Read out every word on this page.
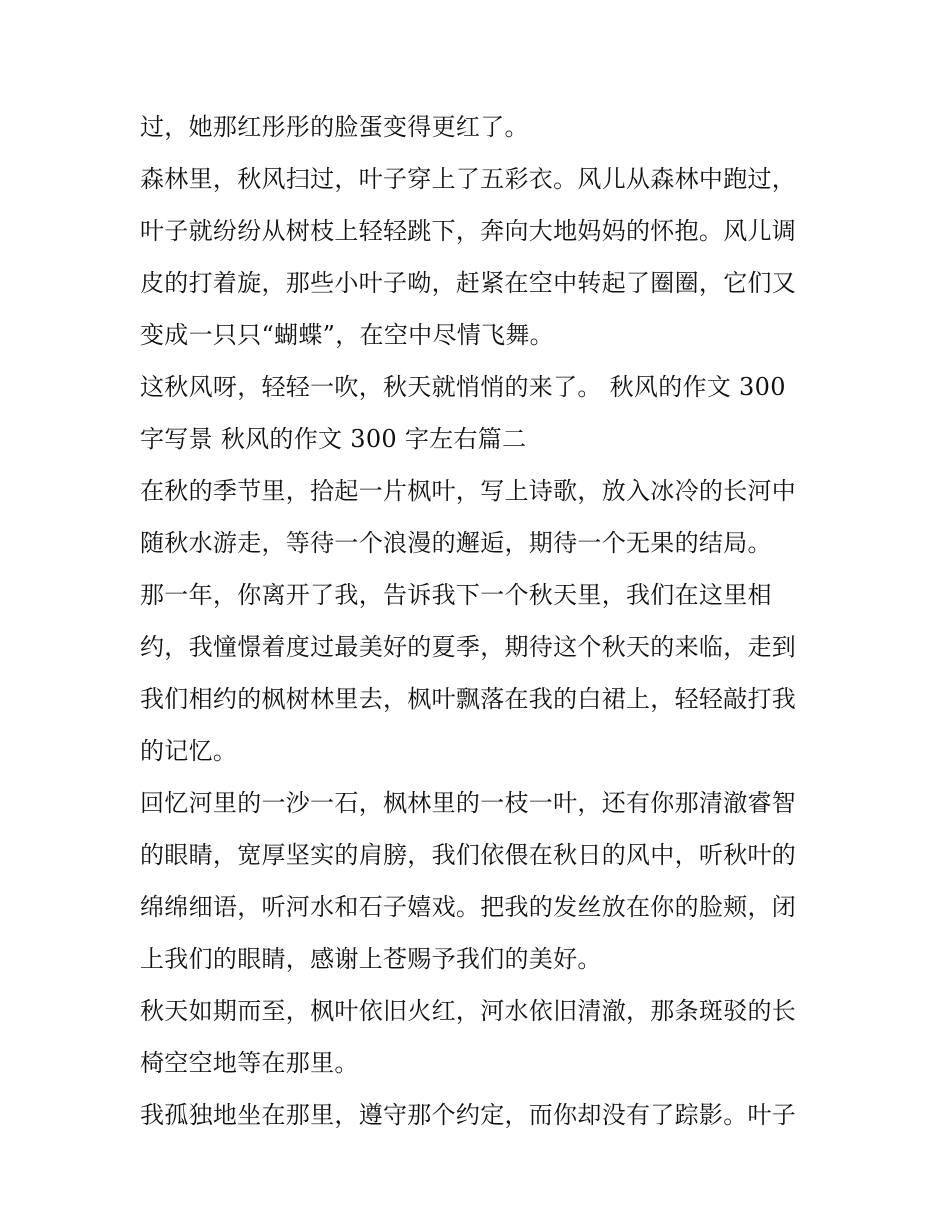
过，她那红彤彤的脸蛋变得更红了。
森林里，秋风扫过，叶子穿上了五彩衣。风儿从森林中跑过，
叶子就纷纷从树枝上轻轻跳下，奔向大地妈妈的怀抱。风儿调
皮的打着旋，那些小叶子呦，赶紧在空中转起了圈圈，它们又
变成一只只“蝴蝶”，在空中尽情飞舞。
这秋风呀，轻轻一吹，秋天就悄悄的来了。 秋风的作文 300
字写景 秋风的作文 300 字左右篇二
在秋的季节里，拾起一片枫叶，写上诗歌，放入冰冷的长河中
随秋水游走，等待一个浪漫的邂逅，期待一个无果的结局。
那一年，你离开了我，告诉我下一个秋天里，我们在这里相
约，我憧憬着度过最美好的夏季，期待这个秋天的来临，走到
我们相约的枫树林里去，枫叶飘落在我的白裙上，轻轻敲打我
的记忆。
回忆河里的一沙一石，枫林里的一枝一叶，还有你那清澈睿智
的眼睛，宽厚坚实的肩膀，我们依偎在秋日的风中，听秋叶的
绵绵细语，听河水和石子嬉戏。把我的发丝放在你的脸颊，闭
上我们的眼睛，感谢上苍赐予我们的美好。
秋天如期而至，枫叶依旧火红，河水依旧清澈，那条斑驳的长
椅空空地等在那里。
我孤独地坐在那里，遵守那个约定，而你却没有了踪影。叶子
